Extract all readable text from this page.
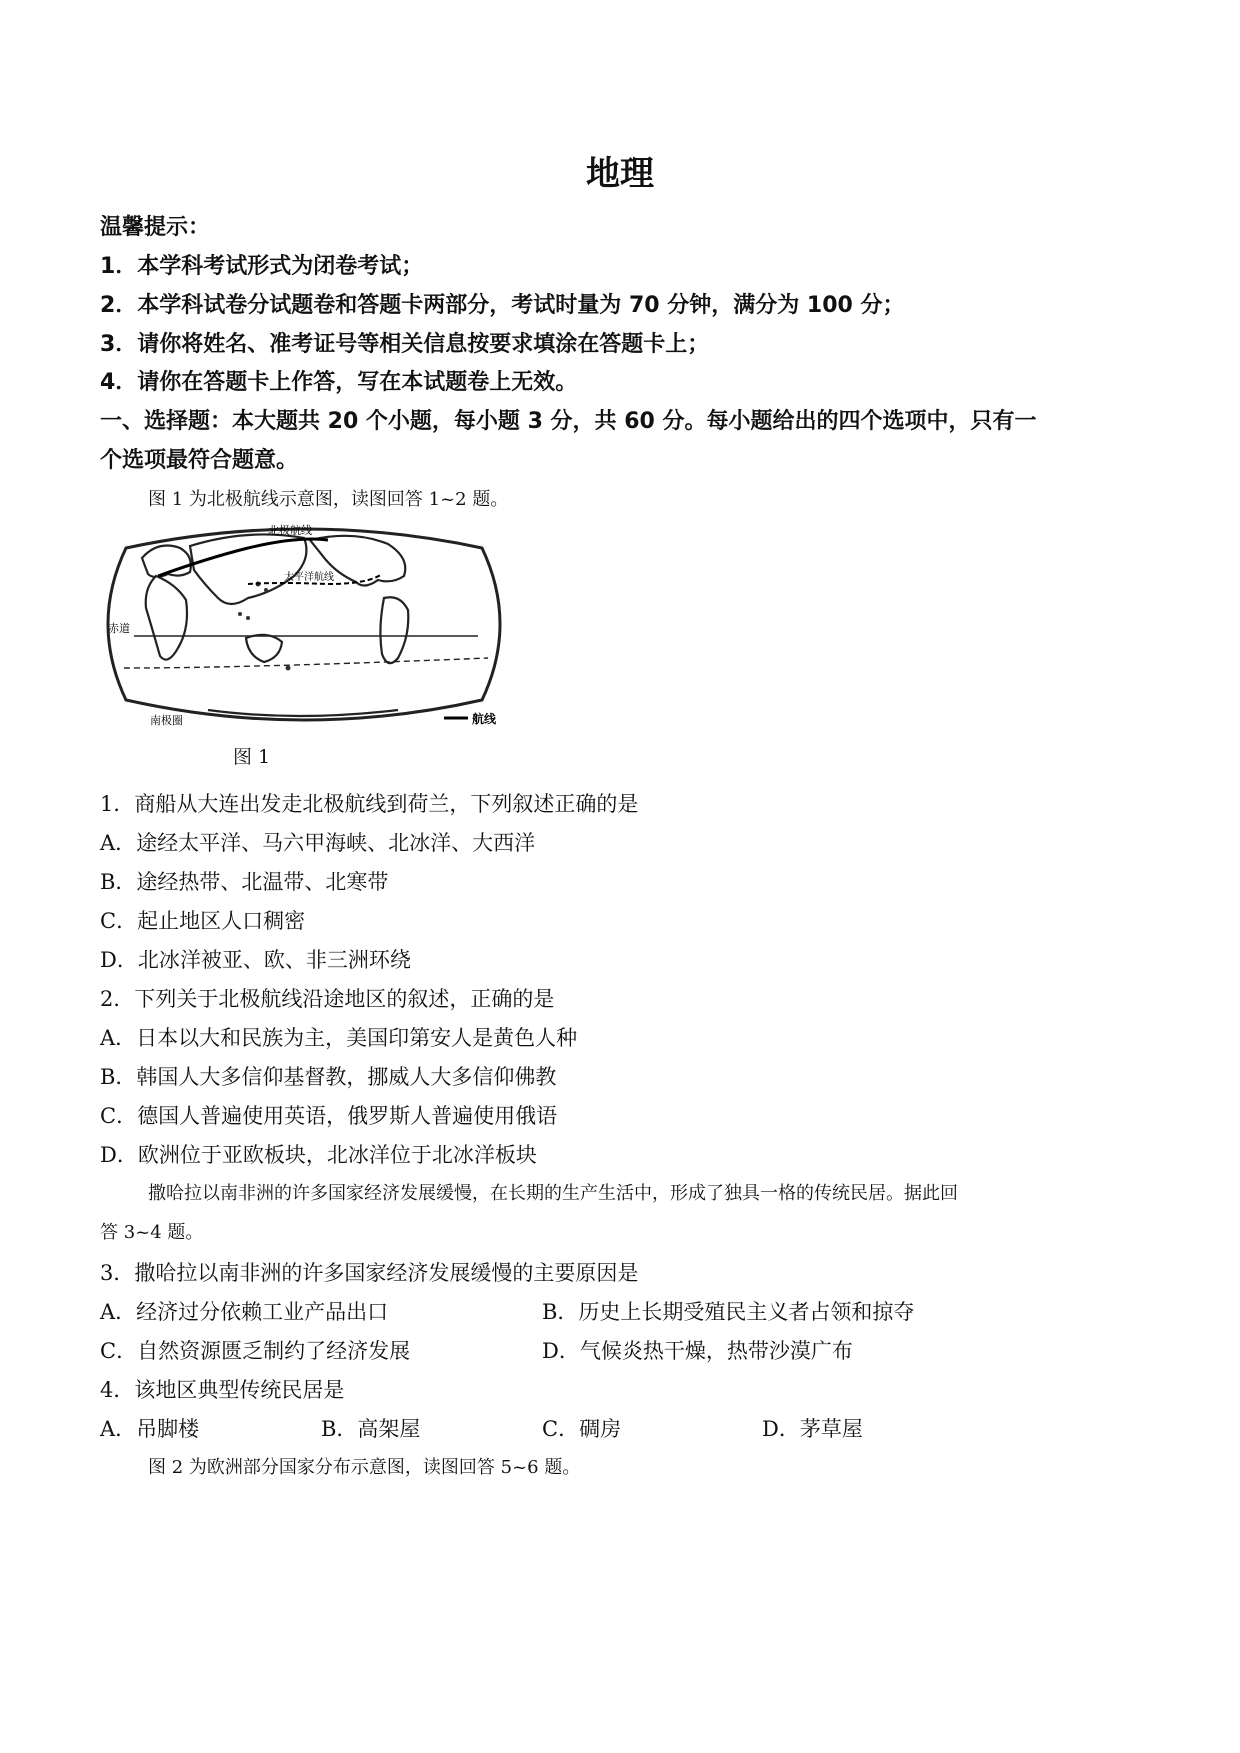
地理
温馨提示：
1．本学科考试形式为闭卷考试；
2．本学科试卷分试题卷和答题卡两部分，考试时量为 70 分钟，满分为 100 分；
3．请你将姓名、准考证号等相关信息按要求填涂在答题卡上；
4．请你在答题卡上作答，写在本试题卷上无效。
一、选择题：本大题共 20 个小题，每小题 3 分，共 60 分。每小题给出的四个选项中，只有一
个选项最符合题意。
图 1 为北极航线示意图，读图回答 1~2 题。
北极航线
太平洋航线
赤道
南极圈	航线
图 1
1．商船从大连出发走北极航线到荷兰，下列叙述正确的是
A．途经太平洋、马六甲海峡、北冰洋、大西洋
B．途经热带、北温带、北寒带
C．起止地区人口稠密
D．北冰洋被亚、欧、非三洲环绕
2．下列关于北极航线沿途地区的叙述，正确的是
A．日本以大和民族为主，美国印第安人是黄色人种
B．韩国人大多信仰基督教，挪威人大多信仰佛教
C．德国人普遍使用英语，俄罗斯人普遍使用俄语
D．欧洲位于亚欧板块，北冰洋位于北冰洋板块
撒哈拉以南非洲的许多国家经济发展缓慢，在长期的生产生活中，形成了独具一格的传统民居。据此回
答 3~4 题。
3．撒哈拉以南非洲的许多国家经济发展缓慢的主要原因是
A．经济过分依赖工业产品出口	B．历史上长期受殖民主义者占领和掠夺
C．自然资源匮乏制约了经济发展	D．气候炎热干燥，热带沙漠广布
4．该地区典型传统民居是
A．吊脚楼	B．高架屋	C．碉房	D．茅草屋
图 2 为欧洲部分国家分布示意图，读图回答 5~6 题。
